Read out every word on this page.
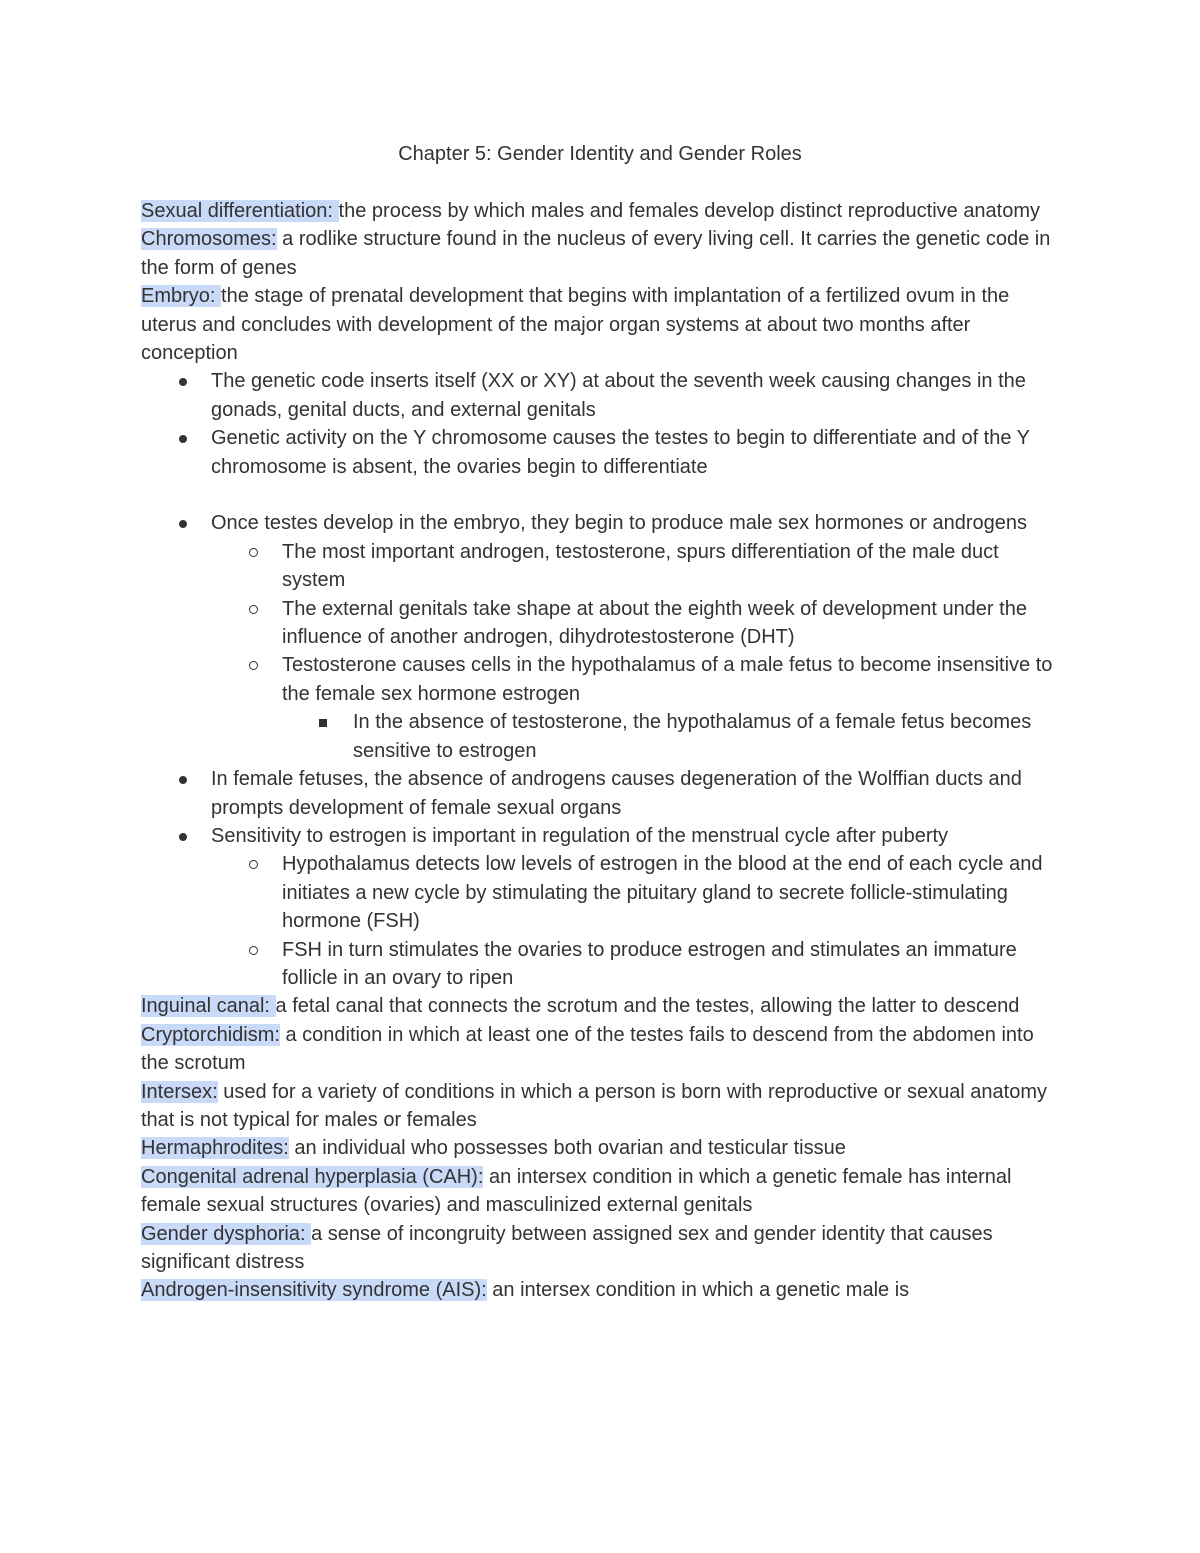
Chapter 5: Gender Identity and Gender Roles

Sexual differentiation: the process by which males and females develop distinct reproductive anatomy

Chromosomes: a rodlike structure found in the nucleus of every living cell. It carries the genetic code in the form of genes

Embryo: the stage of prenatal development that begins with implantation of a fertilized ovum in the uterus and concludes with development of the major organ systems at about two months after conception

The genetic code inserts itself (XX or XY) at about the seventh week causing changes in the gonads, genital ducts, and external genitals

Genetic activity on the Y chromosome causes the testes to begin to differentiate and of the Y chromosome is absent, the ovaries begin to differentiate

Once testes develop in the embryo, they begin to produce male sex hormones or androgens

The most important androgen, testosterone, spurs differentiation of the male duct system

The external genitals take shape at about the eighth week of development under the influence of another androgen, dihydrotestosterone (DHT)

Testosterone causes cells in the hypothalamus of a male fetus to become insensitive to the female sex hormone estrogen

In the absence of testosterone, the hypothalamus of a female fetus becomes sensitive to estrogen

In female fetuses, the absence of androgens causes degeneration of the Wolffian ducts and prompts development of female sexual organs

Sensitivity to estrogen is important in regulation of the menstrual cycle after puberty

Hypothalamus detects low levels of estrogen in the blood at the end of each cycle and initiates a new cycle by stimulating the pituitary gland to secrete follicle-stimulating hormone (FSH)

FSH in turn stimulates the ovaries to produce estrogen and stimulates an immature follicle in an ovary to ripen

Inguinal canal: a fetal canal that connects the scrotum and the testes, allowing the latter to descend

Cryptorchidism: a condition in which at least one of the testes fails to descend from the abdomen into the scrotum

Intersex: used for a variety of conditions in which a person is born with reproductive or sexual anatomy that is not typical for males or females

Hermaphrodites: an individual who possesses both ovarian and testicular tissue

Congenital adrenal hyperplasia (CAH): an intersex condition in which a genetic female has internal female sexual structures (ovaries) and masculinized external genitals

Gender dysphoria: a sense of incongruity between assigned sex and gender identity that causes significant distress

Androgen-insensitivity syndrome (AIS): an intersex condition in which a genetic male is
